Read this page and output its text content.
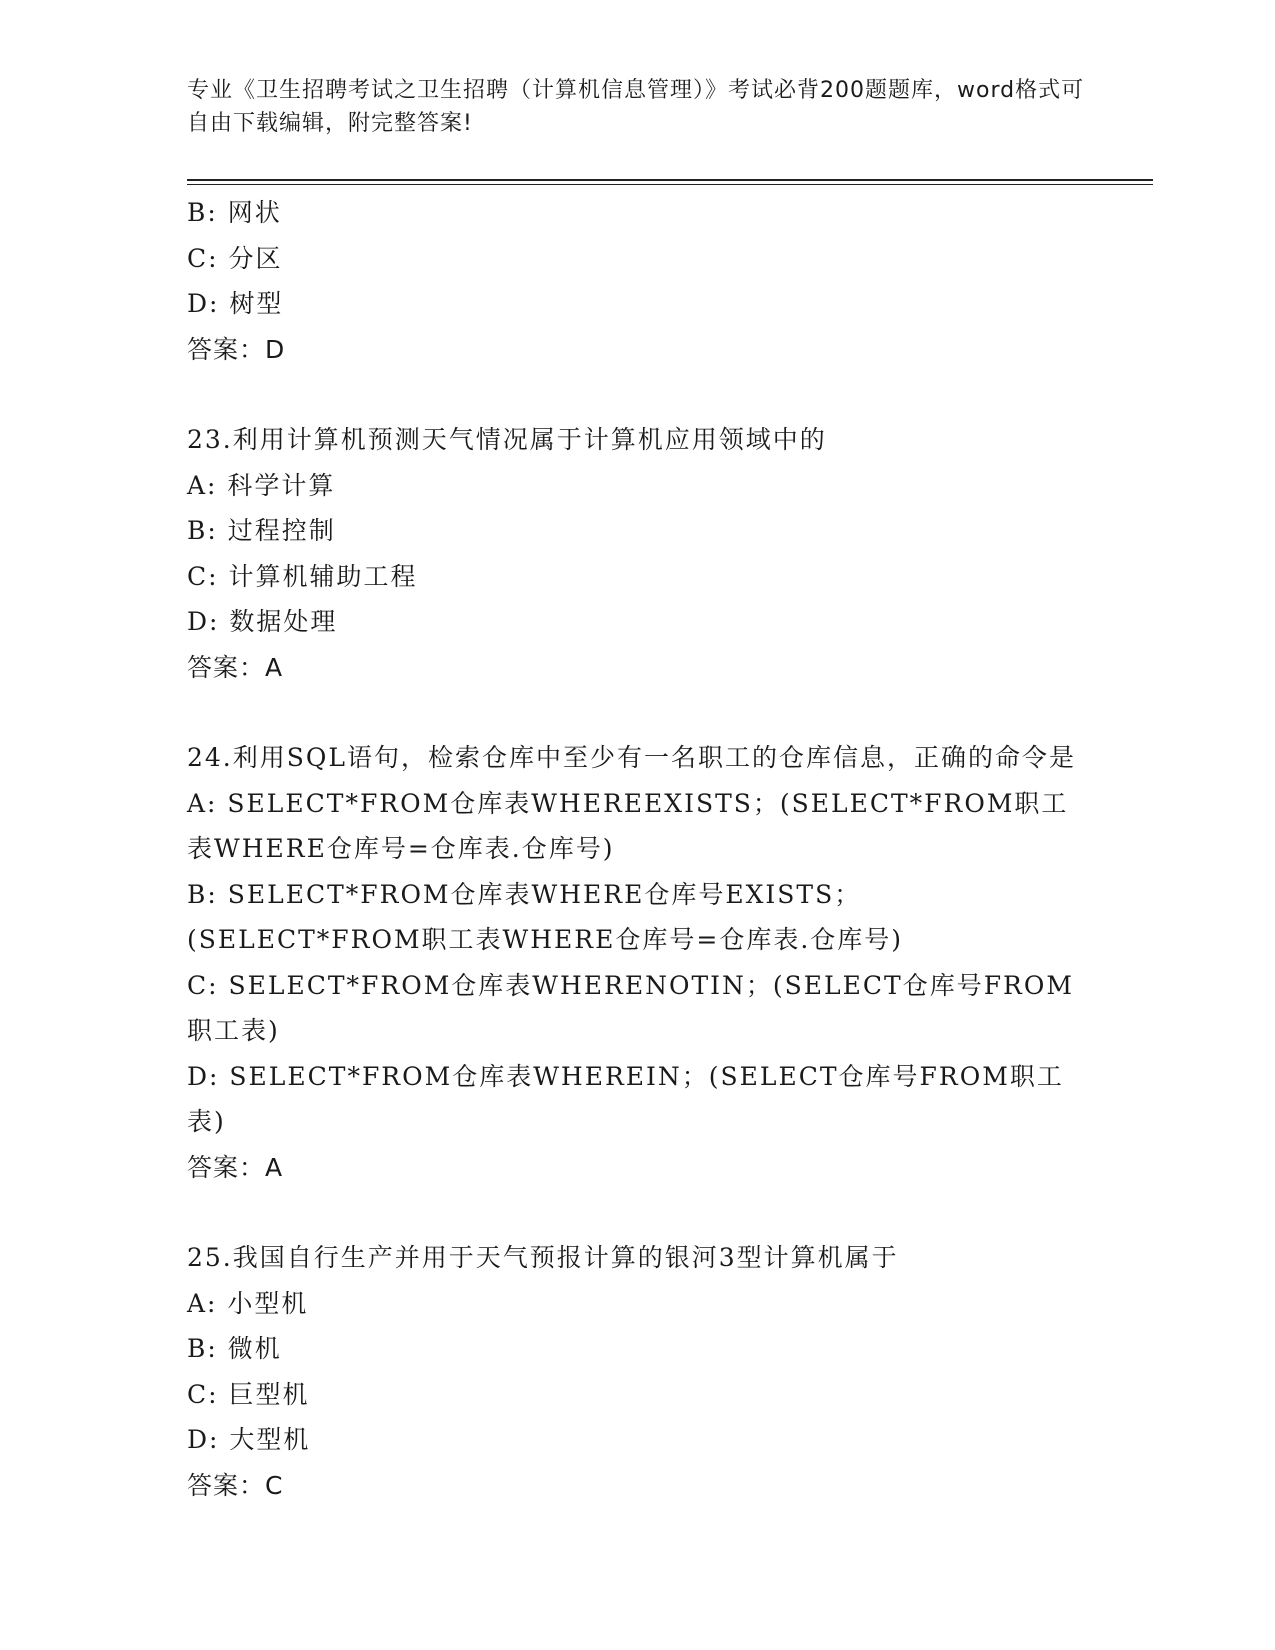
专业《卫生招聘考试之卫生招聘（计算机信息管理）》考试必背200题题库，word格式可自由下载编辑，附完整答案!

B: 网状

C: 分区

D: 树型

答案：D

23.利用计算机预测天气情况属于计算机应用领域中的

A: 科学计算

B: 过程控制

C: 计算机辅助工程

D: 数据处理

答案：A

24.利用SQL语句，检索仓库中至少有一名职工的仓库信息，正确的命令是

A: SELECT*FROM仓库表WHEREEXISTS；(SELECT*FROM职工表WHERE仓库号=仓库表.仓库号)

B: SELECT*FROM仓库表WHERE仓库号EXISTS；(SELECT*FROM职工表WHERE仓库号=仓库表.仓库号)

C: SELECT*FROM仓库表WHERENOTIN；(SELECT仓库号FROM职工表)

D: SELECT*FROM仓库表WHEREIN；(SELECT仓库号FROM职工表)

答案：A

25.我国自行生产并用于天气预报计算的银河3型计算机属于

A: 小型机

B: 微机

C: 巨型机

D: 大型机

答案：C
